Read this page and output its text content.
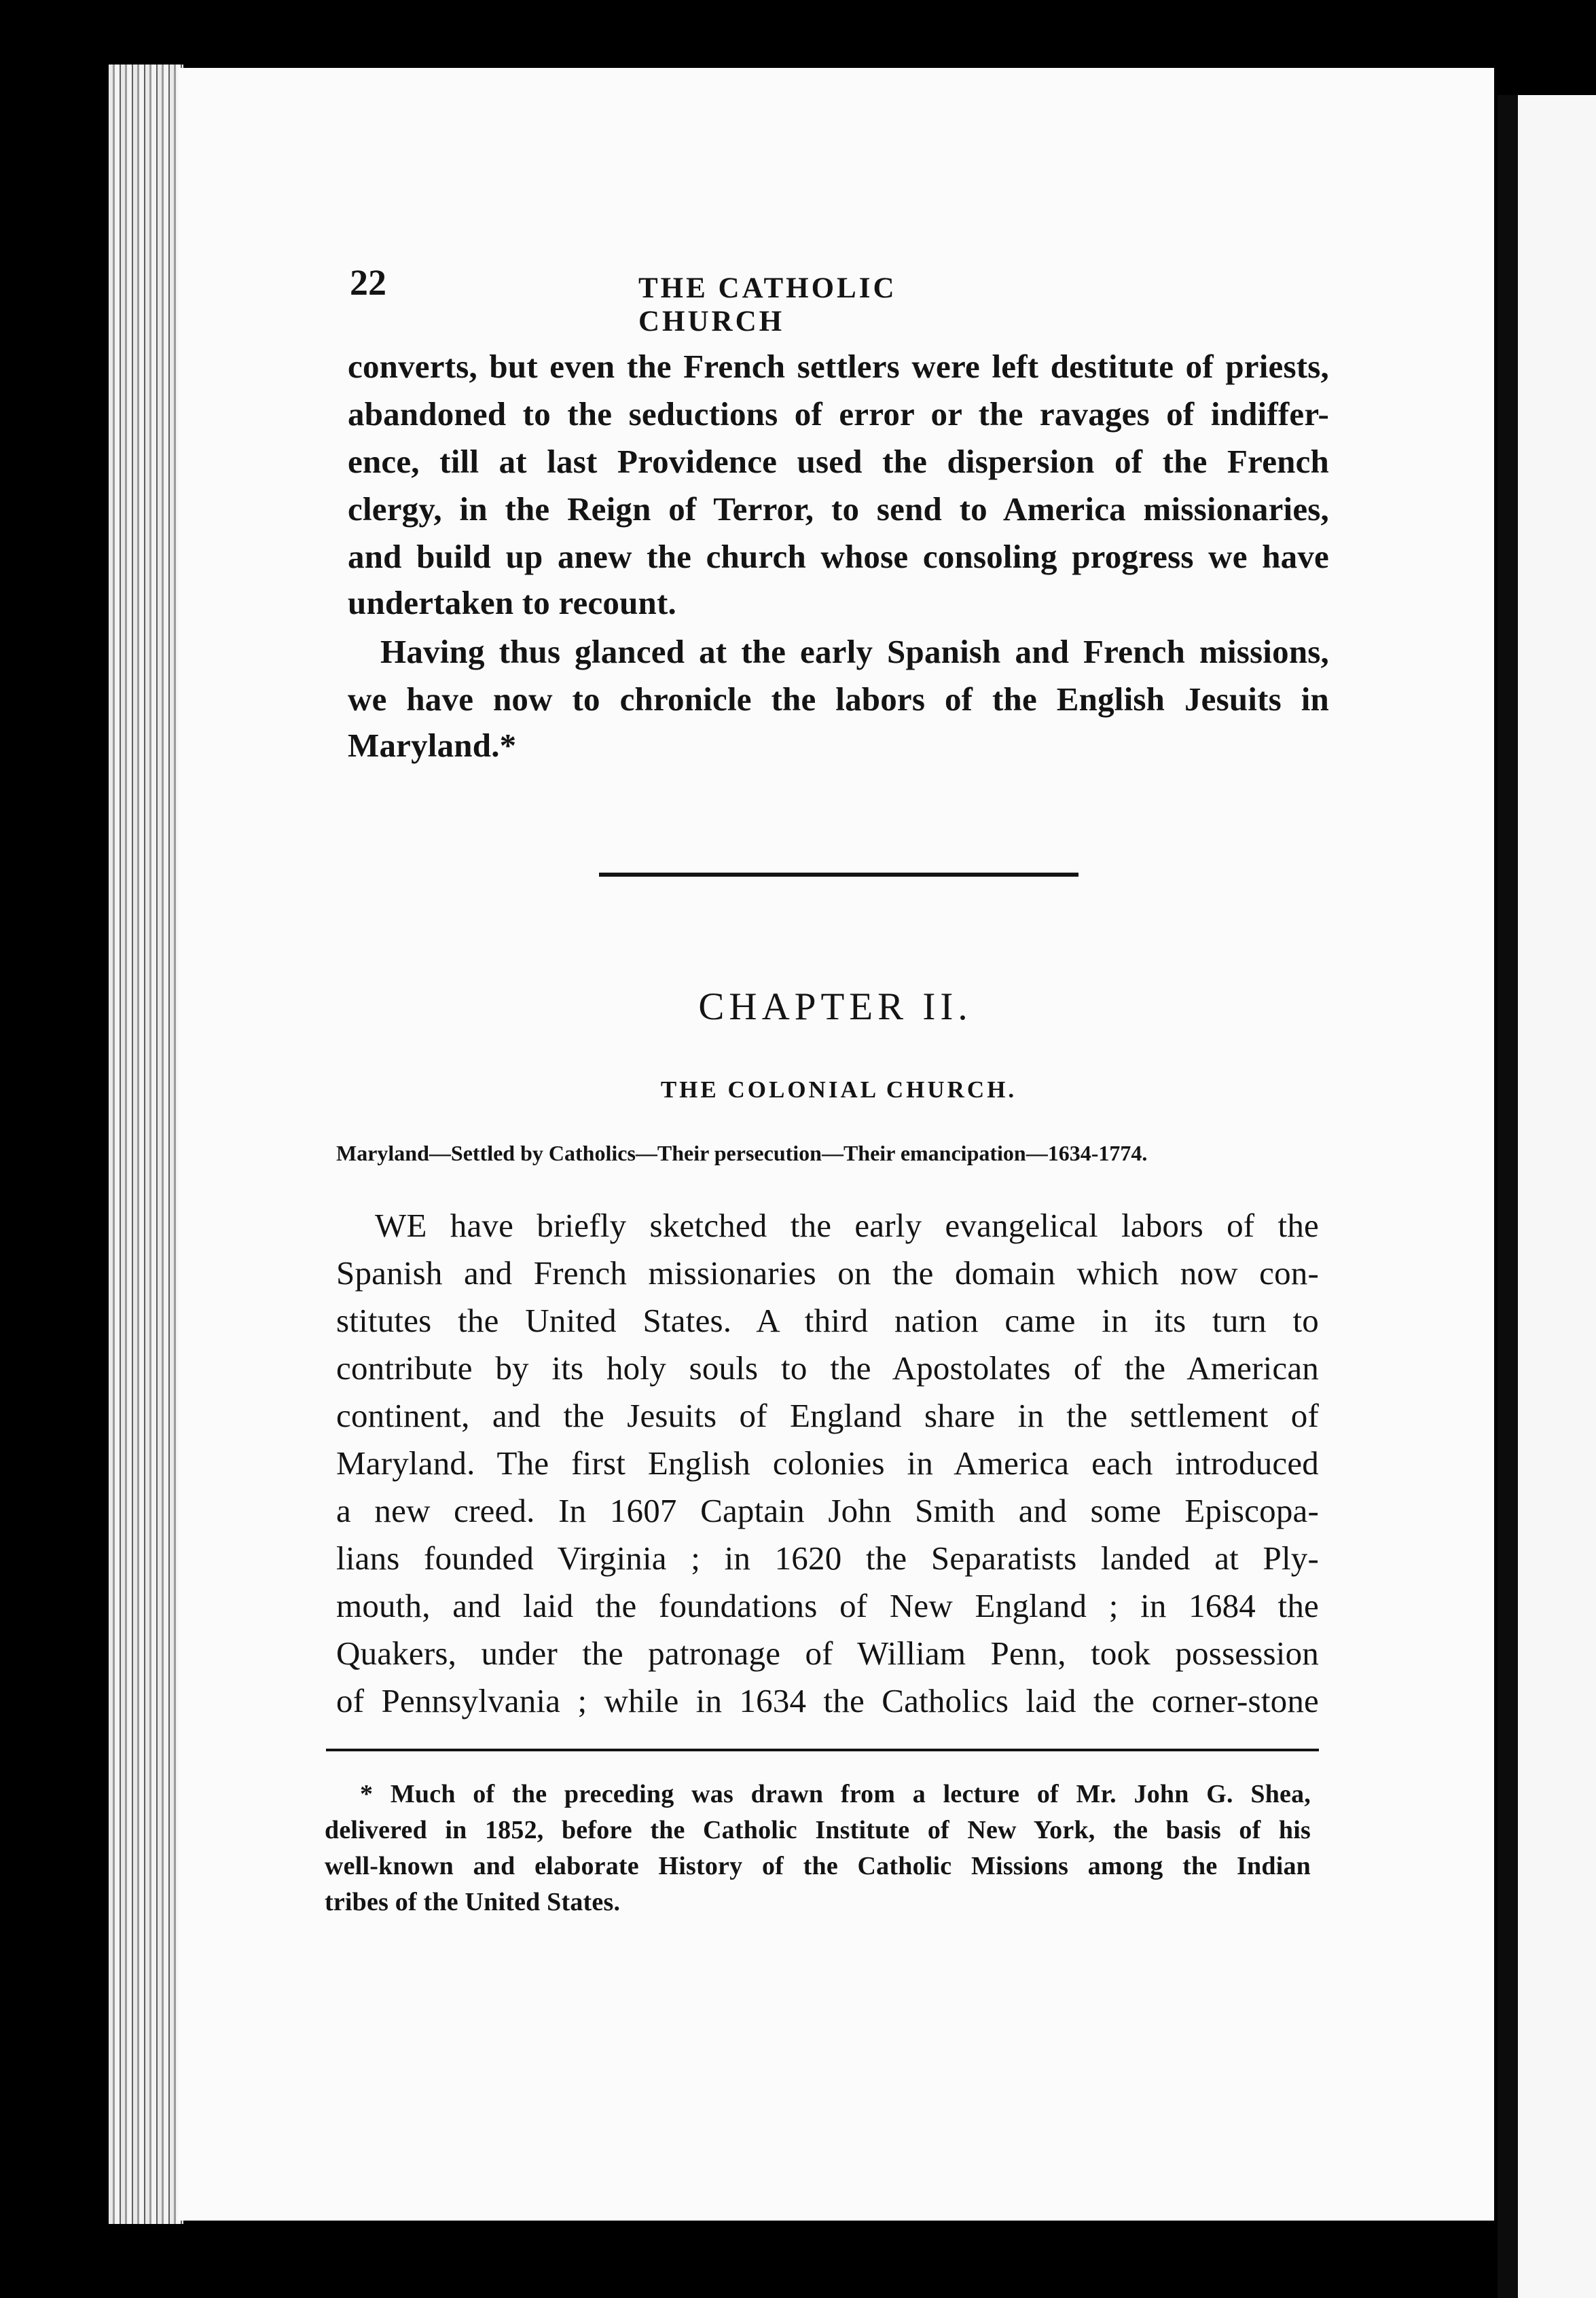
22	THE CATHOLIC CHURCH
converts, but even the French settlers were left destitute of priests,
abandoned to the seductions of error or the ravages of indiffer-
ence, till at last Providence used the dispersion of the French
clergy, in the Reign of Terror, to send to America missionaries,
and build up anew the church whose consoling progress we have
undertaken to recount.
Having thus glanced at the early Spanish and French missions,
we have now to chronicle the labors of the English Jesuits in
Maryland.*
CHAPTER II.
THE COLONIAL CHURCH.
Maryland—Settled by Catholics—Their persecution—Their emancipation—1634-1774.
WE have briefly sketched the early evangelical labors of the
Spanish and French missionaries on the domain which now con-
stitutes the United States. A third nation came in its turn to
contribute by its holy souls to the Apostolates of the American
continent, and the Jesuits of England share in the settlement of
Maryland. The first English colonies in America each introduced
a new creed. In 1607 Captain John Smith and some Episcopa-
lians founded Virginia ; in 1620 the Separatists landed at Ply-
mouth, and laid the foundations of New England ; in 1684 the
Quakers, under the patronage of William Penn, took possession
of Pennsylvania ; while in 1634 the Catholics laid the corner-stone
* Much of the preceding was drawn from a lecture of Mr. John G. Shea,
delivered in 1852, before the Catholic Institute of New York, the basis of his
well-known and elaborate History of the Catholic Missions among the Indian
tribes of the United States.
